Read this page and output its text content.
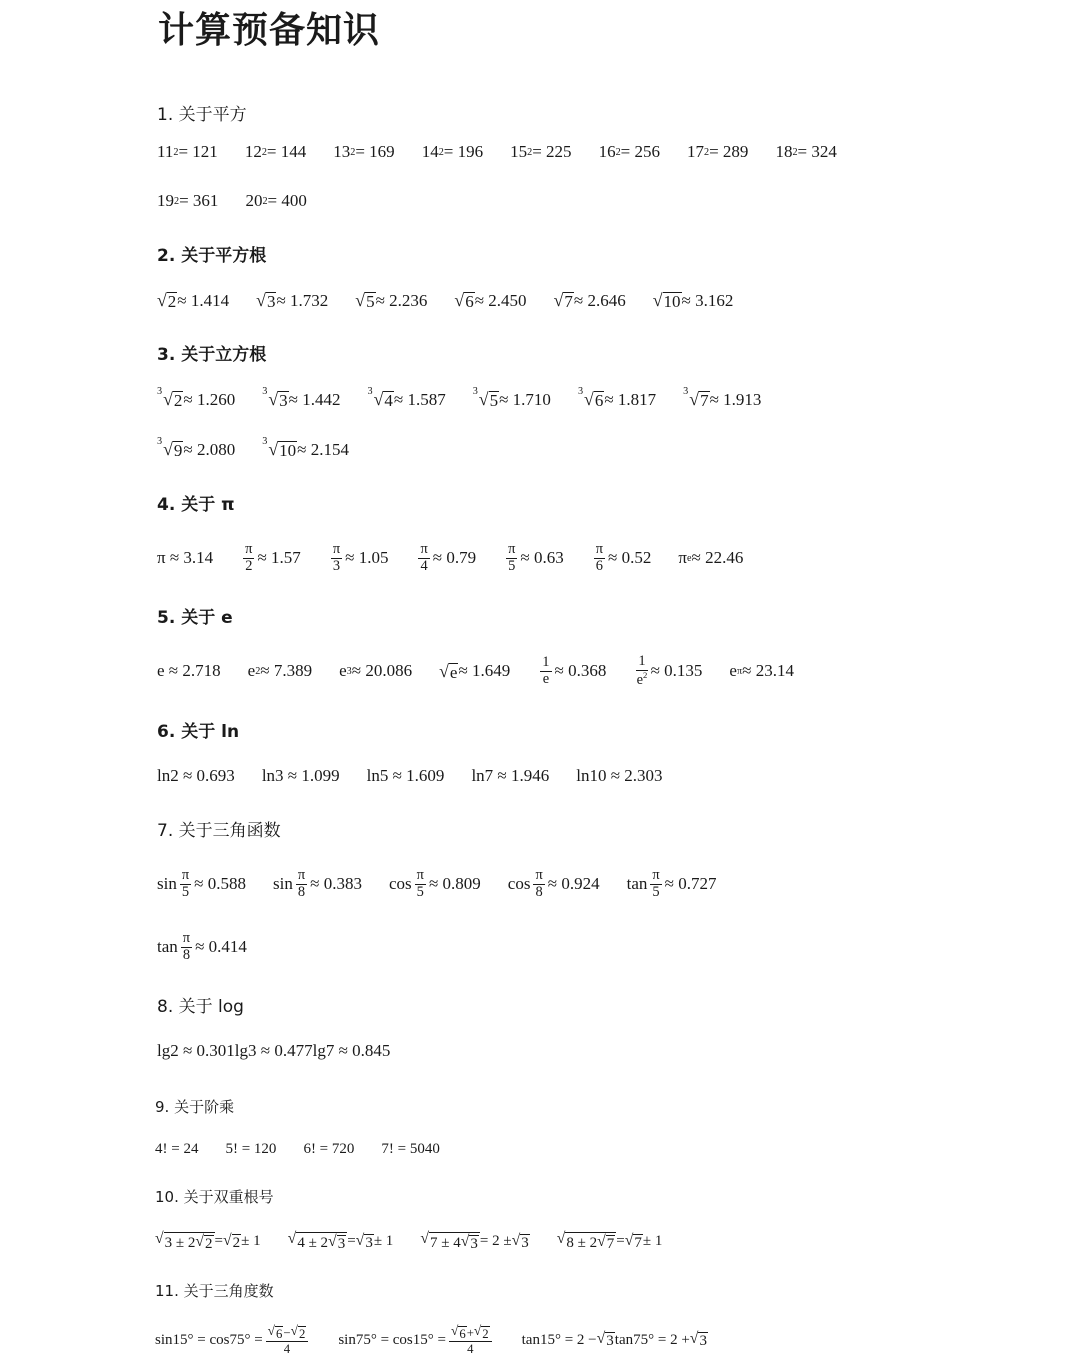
计算预备知识
1. 关于平方
11 2 = 121 12 2 = 144 13 2 = 169 14 2 = 196 15 2 = 225 16 2 = 256 17 2 = 289 18 2 = 324
19 2 = 361 20 2 = 400
2. 关于平方根
√ 2 ≈ 1.414 √ 3 ≈ 1.732 √ 5 ≈ 2.236 √ 6 ≈ 2.450 √ 7 ≈ 2.646 √ 10 ≈ 3.162
3. 关于立方根
3 √ 2 ≈ 1.260	3 √ 3 ≈ 1.442	3 √ 4 ≈ 1.587	3 √ 5 ≈ 1.710	3 √ 6 ≈ 1.817	3 √ 7 ≈ 1.913
3 √ 9 ≈ 2.080	3 √ 10 ≈ 2.154
4. 关于 π
$\pi \approx 3.14 \frac{\pi}{2} \approx 1.57 \frac{\pi}{3} \approx 1.05 \frac{\pi}{4} \approx 0.79 \frac{\pi}{5} \approx 0.63 \frac{\pi}{6} \approx 0.52$ π e ≈ 22.46
5. 关于 e
e ≈ 2.718 e 2 ≈ 7.389 e 3 ≈ 20.086 √ $e \approx 1.649 \frac{1}{e} \approx 0.368 \frac{1}{e^2} \approx 0.135$ e π ≈ 23.14
6. 关于 ln
ln2 ≈ 0.693 ln3 ≈ 1.099 ln5 ≈ 1.609 ln7 ≈ 1.946 ln10 ≈ 2.303
7. 关于三角函数
$\sin \frac{\pi}{5} \approx 0.588$ $\sin \frac{\pi}{8} \approx 0.383$ $\cos \frac{\pi}{5} \approx 0.809$ $\cos \frac{\pi}{8} \approx 0.924$ $\tan \frac{\pi}{5} \approx 0.727$
$\tan \frac{\pi}{8} \approx 0.414$
8. 关于 log
lg2 ≈ 0.301lg3 ≈ 0.477lg7 ≈ 0.845
9. 关于阶乘
4! = 24 5! = 120 6! = 720 7! = 5040
10. 关于双重根号
√ 3 ± 2 √ 2 = √ 2 ± 1 √ 4 ± 2 √ 3 = √ 3 ± 1 √ 7 ± 4 √ 3 = 2 ± √ 3 √ 8 ± 2 √ 7 = √ 7 ± 1
11. 关于三角度数
$\sin 15^\circ = \cos 75^\circ = \frac{√ 6 - √ 2}{4} \sin 75^\circ = \cos 15^\circ = \frac{√ 6 + √ 2}{4} \tan 15^\circ = 2$ − √ 3 tan75° = 2 + √ 3
